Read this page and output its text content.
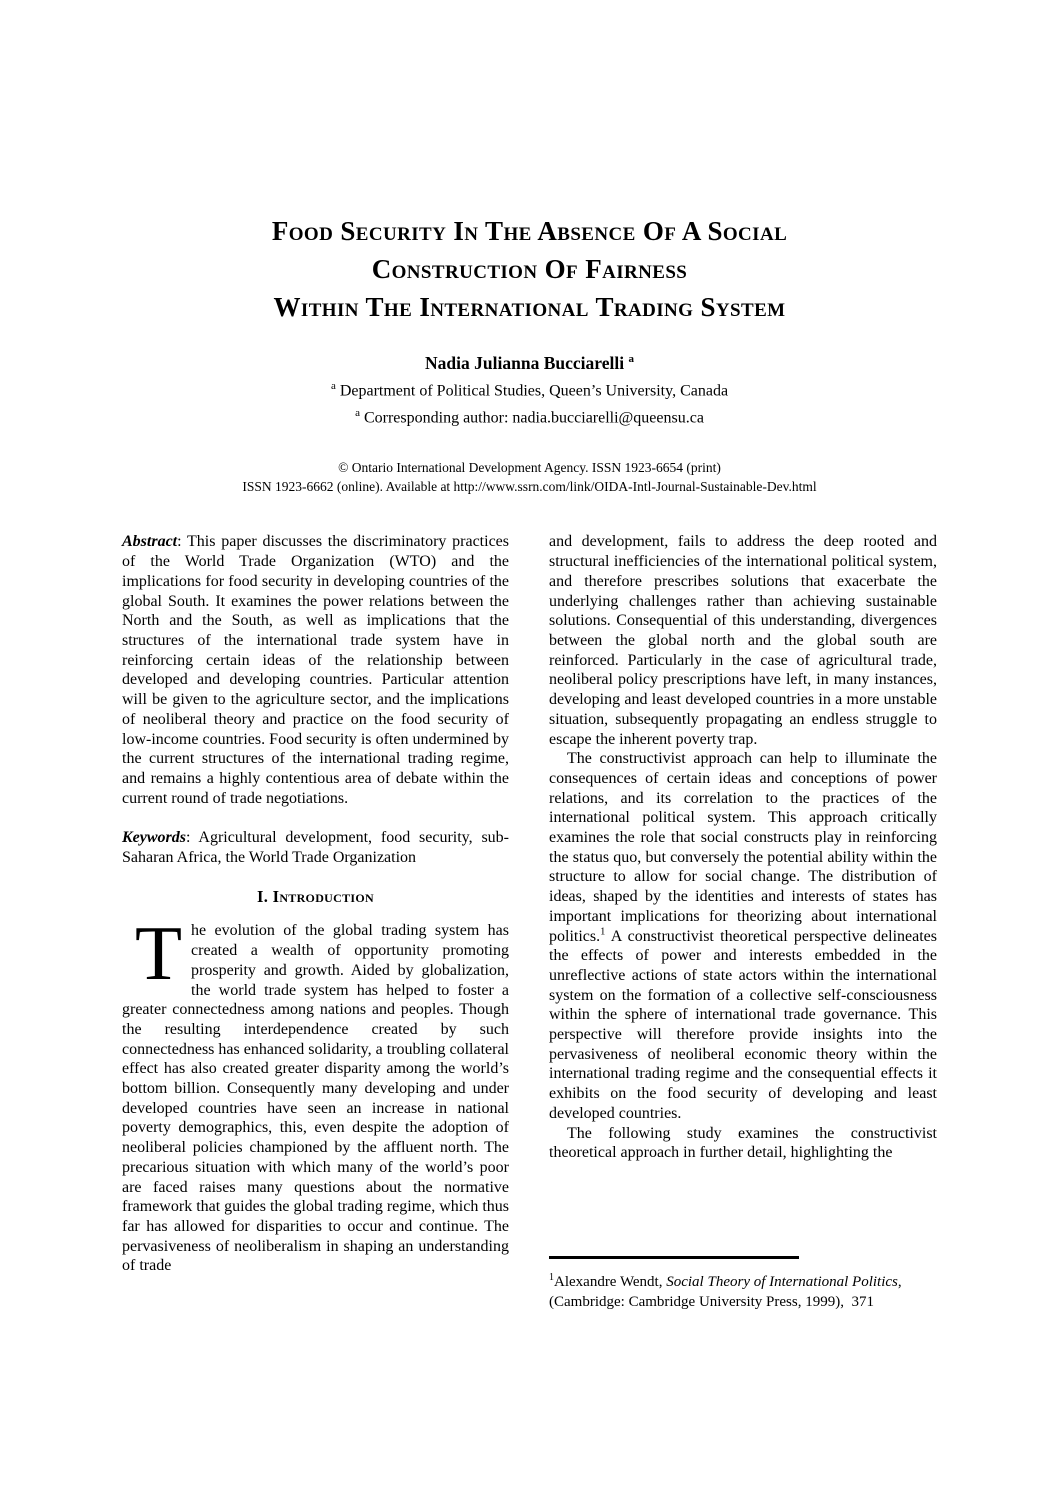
Food Security In The Absence Of A Social
Construction Of Fairness
Within The International Trading System
Nadia Julianna Bucciarelli $^a$
$^a$ Department of Political Studies, Queen’s University, Canada
$^a$ Corresponding author: nadia.bucciarelli@queensu.ca
© Ontario International Development Agency. ISSN 1923-6654 (print)
ISSN 1923-6662 (online). Available at http://www.ssrn.com/link/OIDA-Intl-Journal-Sustainable-Dev.html

Abstract: This paper discusses the discriminatory practices of the World Trade Organization (WTO) and the implications for food security in developing countries of the global South. It examines the power relations between the North and the South, as well as implications that the structures of the international trade system have in reinforcing certain ideas of the relationship between developed and developing countries. Particular attention will be given to the agriculture sector, and the implications of neoliberal theory and practice on the food security of low-income countries. Food security is often undermined by the current structures of the international trading regime, and remains a highly contentious area of debate within the current round of trade negotiations.

Keywords: Agricultural development, food security, sub-Saharan Africa, the World Trade Organization

I. Introduction

The evolution of the global trading system has created a wealth of opportunity promoting prosperity and growth. Aided by globalization, the world trade system has helped to foster a greater connectedness among nations and peoples. Though the resulting interdependence created by such connectedness has enhanced solidarity, a troubling collateral effect has also created greater disparity among the world’s bottom billion. Consequently many developing and under developed countries have seen an increase in national poverty demographics, this, even despite the adoption of neoliberal policies championed by the affluent north. The precarious situation with which many of the world’s poor are faced raises many questions about the normative framework that guides the global trading regime, which thus far has allowed for disparities to occur and continue. The pervasiveness of neoliberalism in shaping an understanding of trade

and development, fails to address the deep rooted and structural inefficiencies of the international political system, and therefore prescribes solutions that exacerbate the underlying challenges rather than achieving sustainable solutions. Consequential of this understanding, divergences between the global north and the global south are reinforced. Particularly in the case of agricultural trade, neoliberal policy prescriptions have left, in many instances, developing and least developed countries in a more unstable situation, subsequently propagating an endless struggle to escape the inherent poverty trap.

The constructivist approach can help to illuminate the consequences of certain ideas and conceptions of power relations, and its correlation to the practices of the international political system. This approach critically examines the role that social constructs play in reinforcing the status quo, but conversely the potential ability within the structure to allow for social change. The distribution of ideas, shaped by the identities and interests of states has important implications for theorizing about international politics.$^1$ A constructivist theoretical perspective delineates the effects of power and interests embedded in the unreflective actions of state actors within the international system on the formation of a collective self-consciousness within the sphere of international trade governance. This perspective will therefore provide insights into the pervasiveness of neoliberal economic theory within the international trading regime and the consequential effects it exhibits on the food security of developing and least developed countries.

The following study examines the constructivist theoretical approach in further detail, highlighting the

$^1$Alexandre Wendt, Social Theory of International Politics, (Cambridge: Cambridge University Press, 1999),  371
